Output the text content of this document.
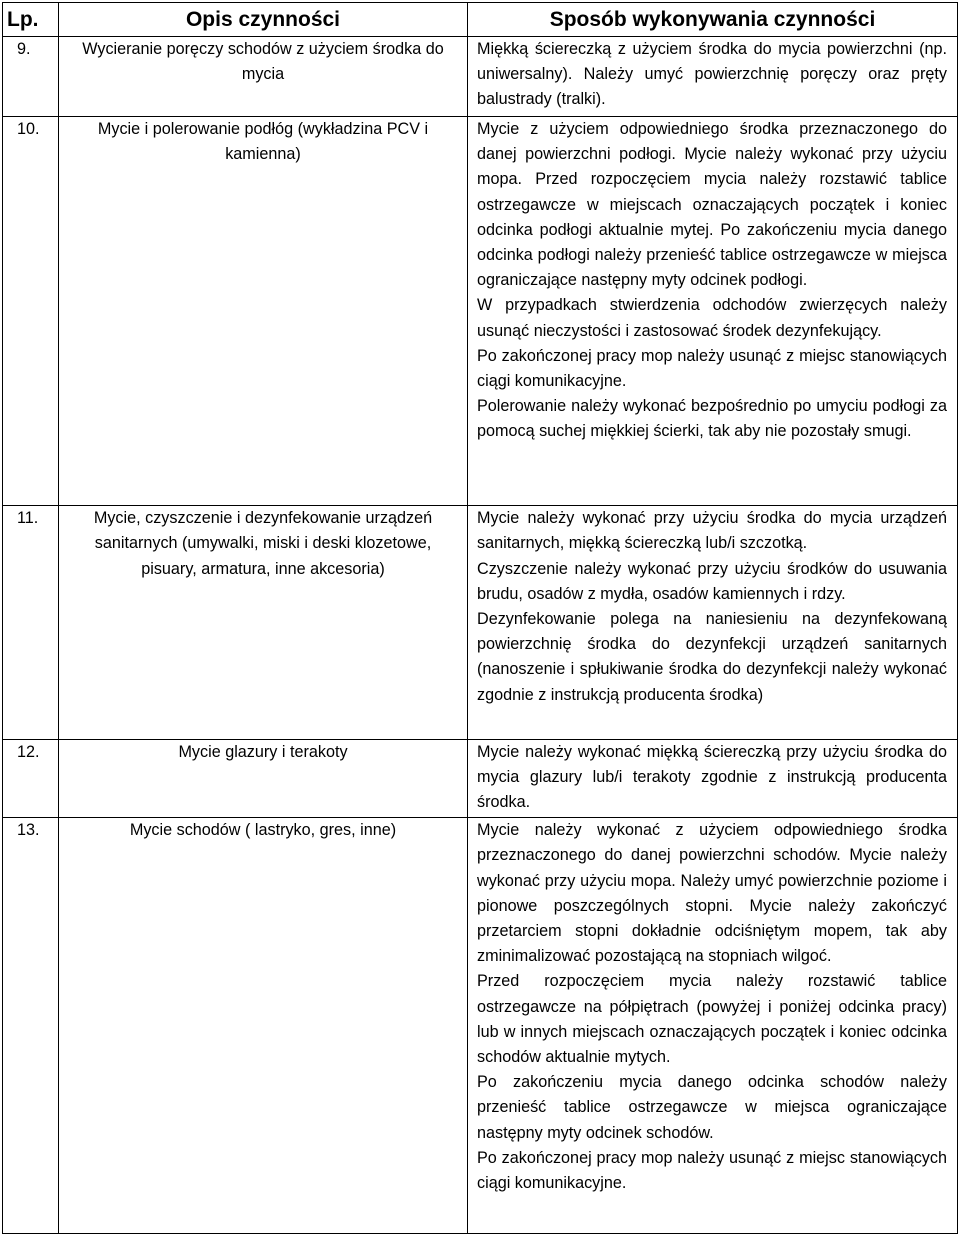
Lp.	Opis czynności	Sposób wykonywania czynności
9.	Wycieranie poręczy schodów z użyciem środka do mycia	Miękką ściereczką z użyciem środka do mycia powierzchni (np. uniwersalny). Należy umyć powierzchnię poręczy oraz pręty balustrady (tralki).

10.	Mycie i polerowanie podłóg (wykładzina PCV i kamienna)	Mycie z użyciem odpowiedniego środka przeznaczonego do danej powierzchni podłogi. Mycie należy wykonać przy użyciu mopa. Przed rozpoczęciem mycia należy rozstawić tablice ostrzegawcze w miejscach oznaczających początek i koniec odcinka podłogi aktualnie mytej. Po zakończeniu mycia danego odcinka podłogi należy przenieść tablice ostrzegawcze w miejsca ograniczające następny myty odcinek podłogi.
W przypadkach stwierdzenia odchodów zwierzęcych należy usunąć nieczystości i zastosować środek dezynfekujący.
Po zakończonej pracy mop należy usunąć z miejsc stanowiących ciągi komunikacyjne.
Polerowanie należy wykonać bezpośrednio po umyciu podłogi za pomocą suchej miękkiej ścierki, tak aby nie pozostały smugi.

11.	Mycie, czyszczenie i dezynfekowanie urządzeń sanitarnych (umywalki, miski i deski klozetowe, pisuary, armatura, inne akcesoria)	Mycie należy wykonać przy użyciu środka do mycia urządzeń sanitarnych, miękką ściereczką lub/i szczotką.
Czyszczenie należy wykonać przy użyciu środków do usuwania brudu, osadów z mydła, osadów kamiennych i rdzy.
Dezynfekowanie polega na naniesieniu na dezynfekowaną powierzchnię środka do dezynfekcji urządzeń sanitarnych (nanoszenie i spłukiwanie środka do dezynfekcji należy wykonać zgodnie z instrukcją producenta środka)

12.	Mycie glazury i terakoty	Mycie należy wykonać miękką ściereczką przy użyciu środka do mycia glazury lub/i terakoty zgodnie z instrukcją producenta środka.

13.	Mycie schodów ( lastryko, gres, inne)	Mycie należy wykonać z użyciem odpowiedniego środka przeznaczonego do danej powierzchni schodów. Mycie należy wykonać przy użyciu mopa. Należy umyć powierzchnie poziome i pionowe poszczególnych stopni. Mycie należy zakończyć przetarciem stopni dokładnie odciśniętym mopem, tak aby zminimalizować pozostającą na stopniach wilgoć.
Przed rozpoczęciem mycia należy rozstawić tablice ostrzegawcze na półpiętrach (powyżej i poniżej odcinka pracy) lub w innych miejscach oznaczających początek i koniec odcinka schodów aktualnie mytych.
Po zakończeniu mycia danego odcinka schodów należy przenieść tablice ostrzegawcze w miejsca ograniczające następny myty odcinek schodów.
Po zakończonej pracy mop należy usunąć z miejsc stanowiących ciągi komunikacyjne.
